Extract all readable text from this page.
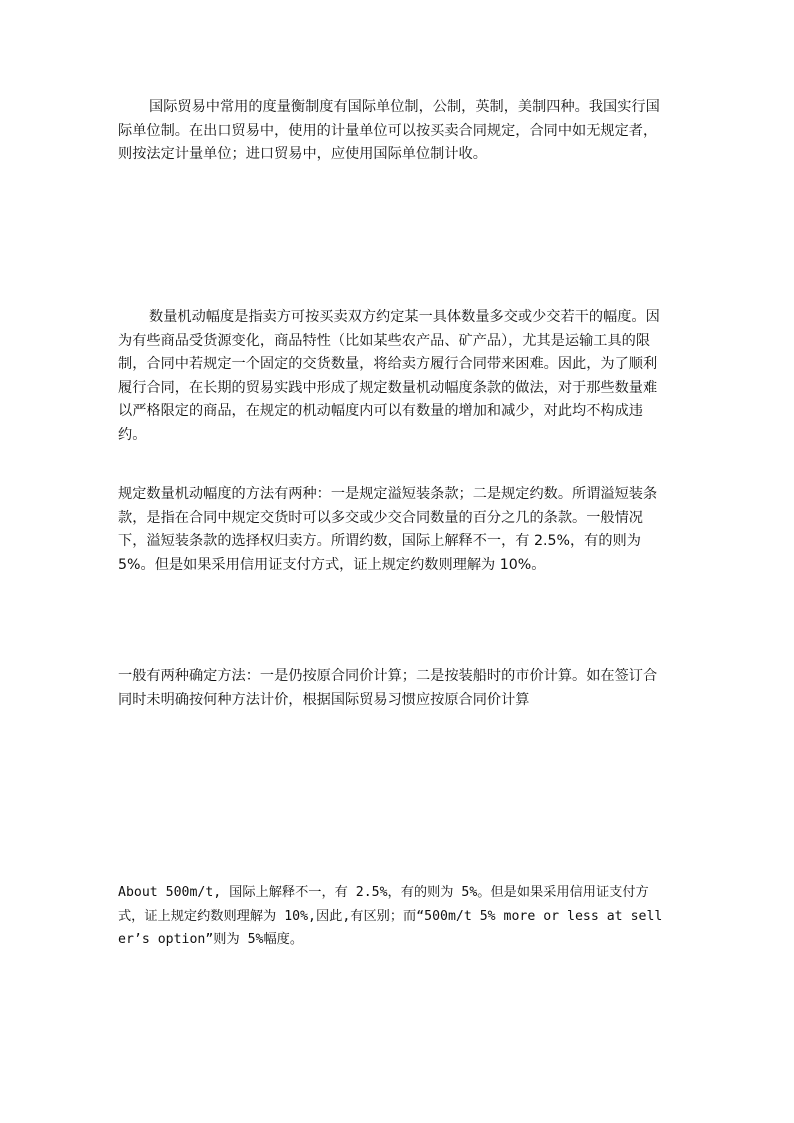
国际贸易中常用的度量衡制度有国际单位制，公制，英制，美制四种。我国实行国际单位制。在出口贸易中，使用的计量单位可以按买卖合同规定，合同中如无规定者，则按法定计量单位；进口贸易中，应使用国际单位制计收。

数量机动幅度是指卖方可按买卖双方约定某一具体数量多交或少交若干的幅度。因为有些商品受货源变化，商品特性（比如某些农产品、矿产品），尤其是运输工具的限制，合同中若规定一个固定的交货数量，将给卖方履行合同带来困难。因此，为了顺利履行合同，在长期的贸易实践中形成了规定数量机动幅度条款的做法，对于那些数量难以严格限定的商品，在规定的机动幅度内可以有数量的增加和减少，对此均不构成违约。

规定数量机动幅度的方法有两种：一是规定溢短装条款；二是规定约数。所谓溢短装条款，是指在合同中规定交货时可以多交或少交合同数量的百分之几的条款。一般情况下，溢短装条款的选择权归卖方。所谓约数，国际上解释不一，有 2.5%，有的则为5%。但是如果采用信用证支付方式，证上规定约数则理解为 10%。

一般有两种确定方法：一是仍按原合同价计算；二是按装船时的市价计算。如在签订合同时未明确按何种方法计价，根据国际贸易习惯应按原合同价计算

About 500m/t, 国际上解释不一，有 2.5%，有的则为 5%。但是如果采用信用证支付方式，证上规定约数则理解为 10%,因此,有区别；而“500m/t 5% more or less at seller’s option”则为 5%幅度。
